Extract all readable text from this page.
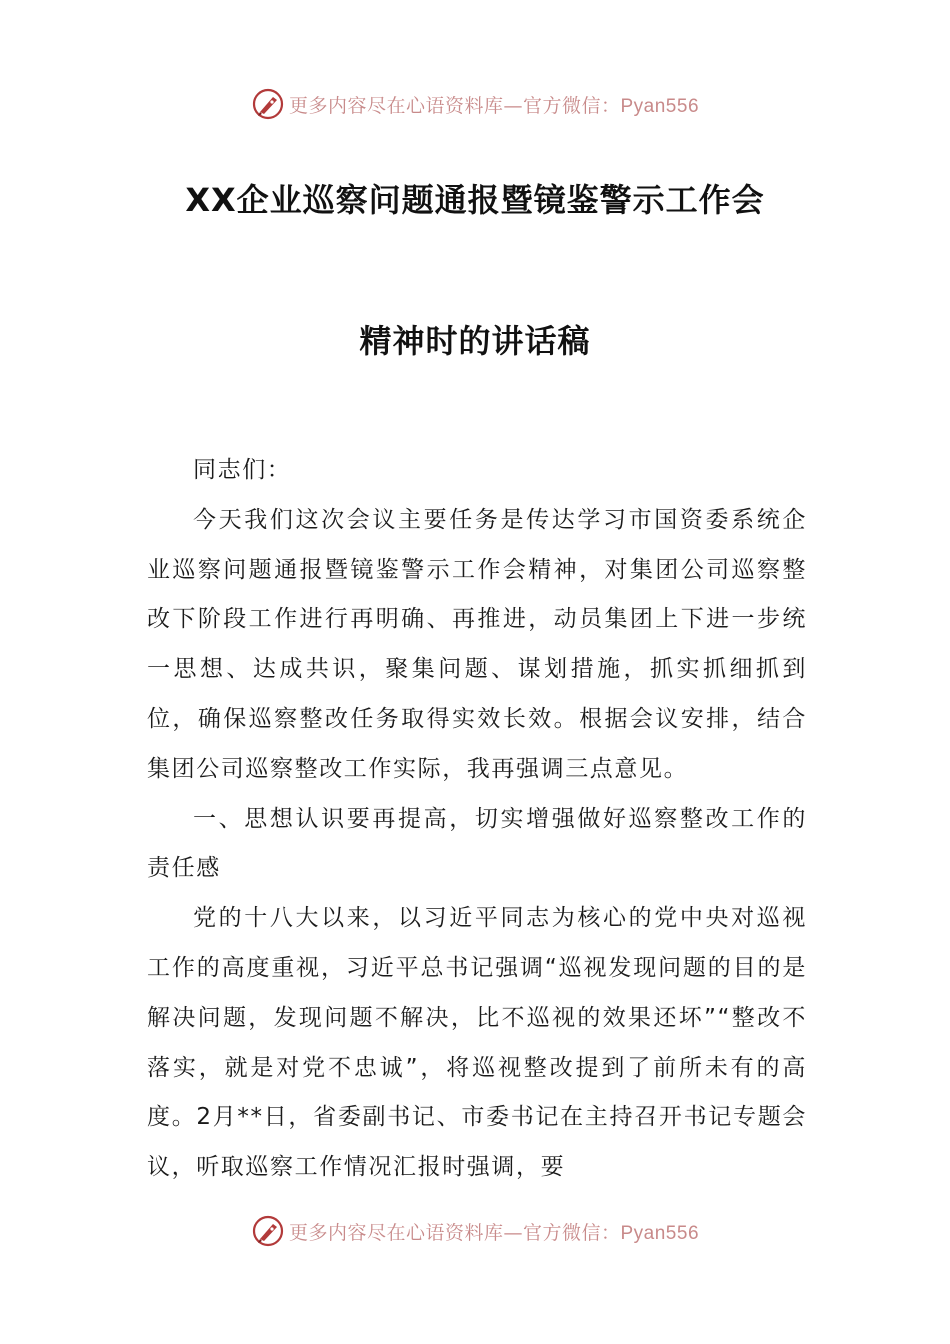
更多内容尽在心语资料库—官方微信：Pyan556
XX企业巡察问题通报暨镜鉴警示工作会
精神时的讲话稿

同志们：

今天我们这次会议主要任务是传达学习市国资委系统企业巡察问题通报暨镜鉴警示工作会精神，对集团公司巡察整改下阶段工作进行再明确、再推进，动员集团上下进一步统一思想、达成共识，聚集问题、谋划措施，抓实抓细抓到位，确保巡察整改任务取得实效长效。根据会议安排，结合集团公司巡察整改工作实际，我再强调三点意见。

一、思想认识要再提高，切实增强做好巡察整改工作的责任感

党的十八大以来，以习近平同志为核心的党中央对巡视工作的高度重视，习近平总书记强调“巡视发现问题的目的是解决问题，发现问题不解决，比不巡视的效果还坏”“整改不落实，就是对党不忠诚”，将巡视整改提到了前所未有的高度。2月**日，省委副书记、市委书记在主持召开书记专题会议，听取巡察工作情况汇报时强调，要

更多内容尽在心语资料库—官方微信：Pyan556
